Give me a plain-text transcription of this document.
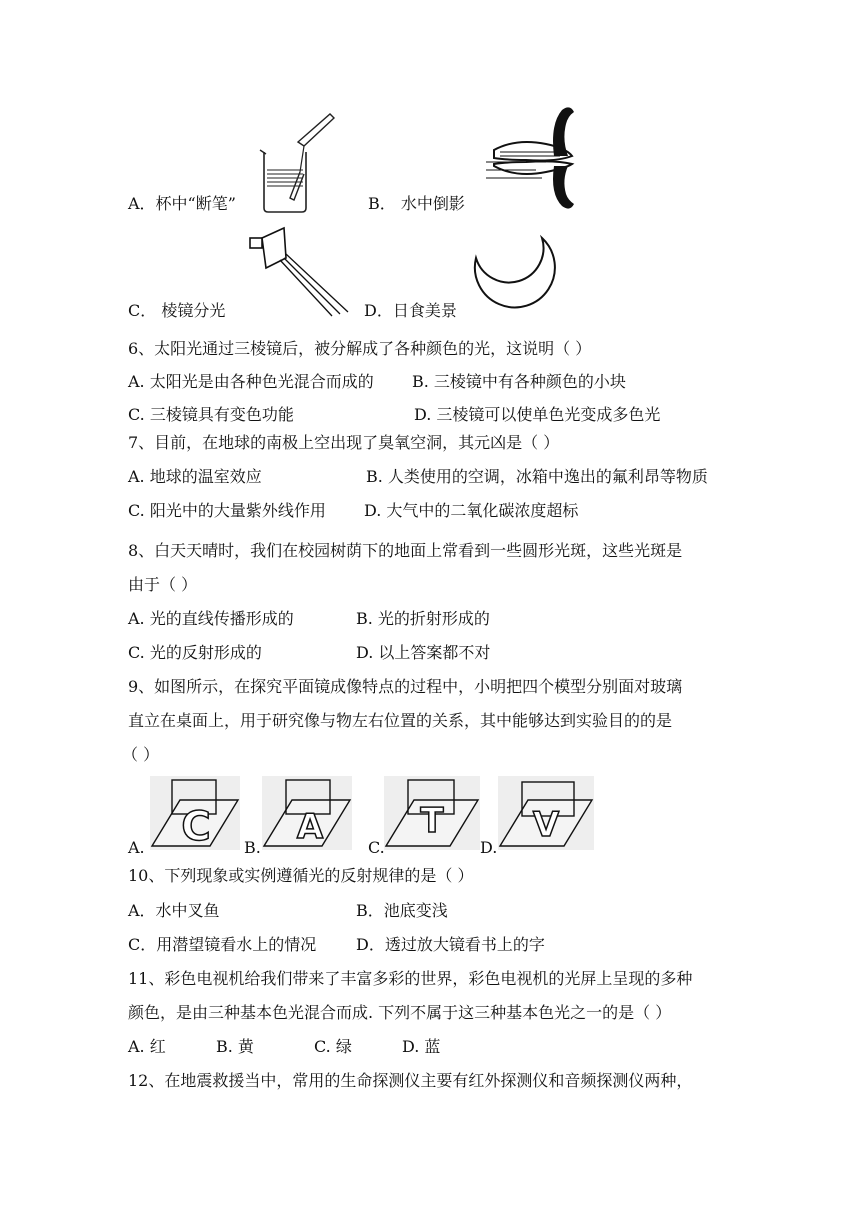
A．杯中“断笔”	B． 水中倒影
C． 棱镜分光	D．日食美景
6、太阳光通过三棱镜后，被分解成了各种颜色的光，这说明（ ）
A. 太阳光是由各种色光混合而成的 B. 三棱镜中有各种颜色的小块
C. 三棱镜具有变色功能	D. 三棱镜可以使单色光变成多色光
7、目前，在地球的南极上空出现了臭氧空洞，其元凶是（ ）
A. 地球的温室效应	B. 人类使用的空调，冰箱中逸出的氟利昂等物质
C. 阳光中的大量紫外线作用 D. 大气中的二氧化碳浓度超标
8、白天天晴时，我们在校园树荫下的地面上常看到一些圆形光斑，这些光斑是
由于（ ）
A. 光的直线传播形成的	B. 光的折射形成的
C. 光的反射形成的	D. 以上答案都不对
9、如图所示，在探究平面镜成像特点的过程中，小明把四个模型分别面对玻璃
直立在桌面上，用于研究像与物左右位置的关系，其中能够达到实验目的的是
（ ）
C
A.
A
B.
T
C.
V
D.
10、下列现象或实例遵循光的反射规律的是（ ）
A．水中叉鱼	B．池底变浅
C．用潜望镜看水上的情况 D．透过放大镜看书上的字
11、彩色电视机给我们带来了丰富多彩的世界，彩色电视机的光屏上呈现的多种
颜色，是由三种基本色光混合而成. 下列不属于这三种基本色光之一的是（ ）
A. 红	B. 黄	C. 绿	D. 蓝
12、在地震救援当中，常用的生命探测仪主要有红外探测仪和音频探测仪两种，
